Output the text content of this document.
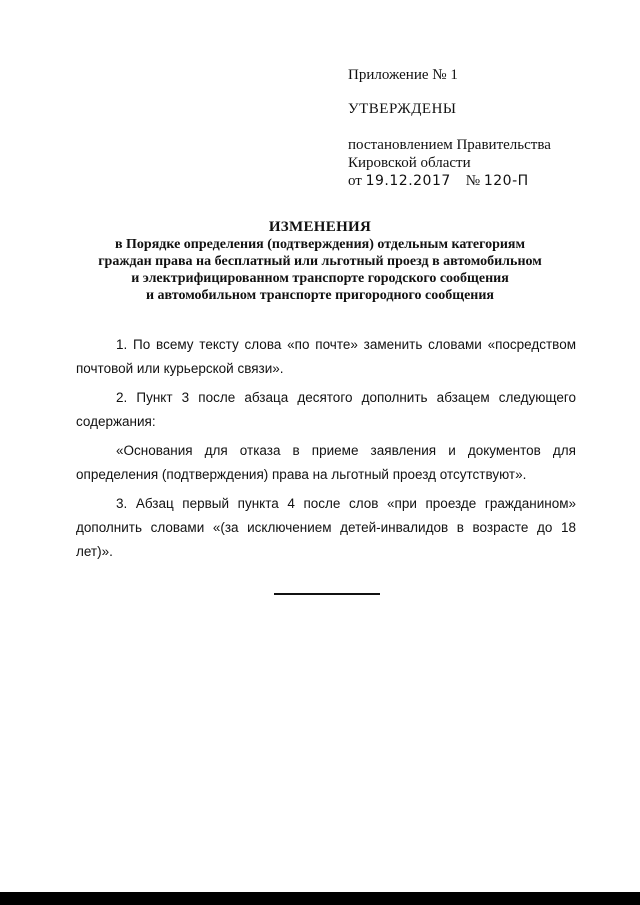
Приложение № 1

УТВЕРЖДЕНЫ

постановлением Правительства

Кировской области

от 19.12.2017 № 120-П

ИЗМЕНЕНИЯ
в Порядке определения (подтверждения) отдельным категориям
граждан права на бесплатный или льготный проезд в автомобильном
и электрифицированном транспорте городского сообщения
и автомобильном транспорте пригородного сообщения

1. По всему тексту слова «по почте» заменить словами «посредством почтовой или курьерской связи».

2. Пункт 3 после абзаца десятого дополнить абзацем следующего содержания:

«Основания для отказа в приеме заявления и документов для определения (подтверждения) права на льготный проезд отсутствуют».

3. Абзац первый пункта 4 после слов «при проезде гражданином» дополнить словами «(за исключением детей-инвалидов в возрасте до 18 лет)».
